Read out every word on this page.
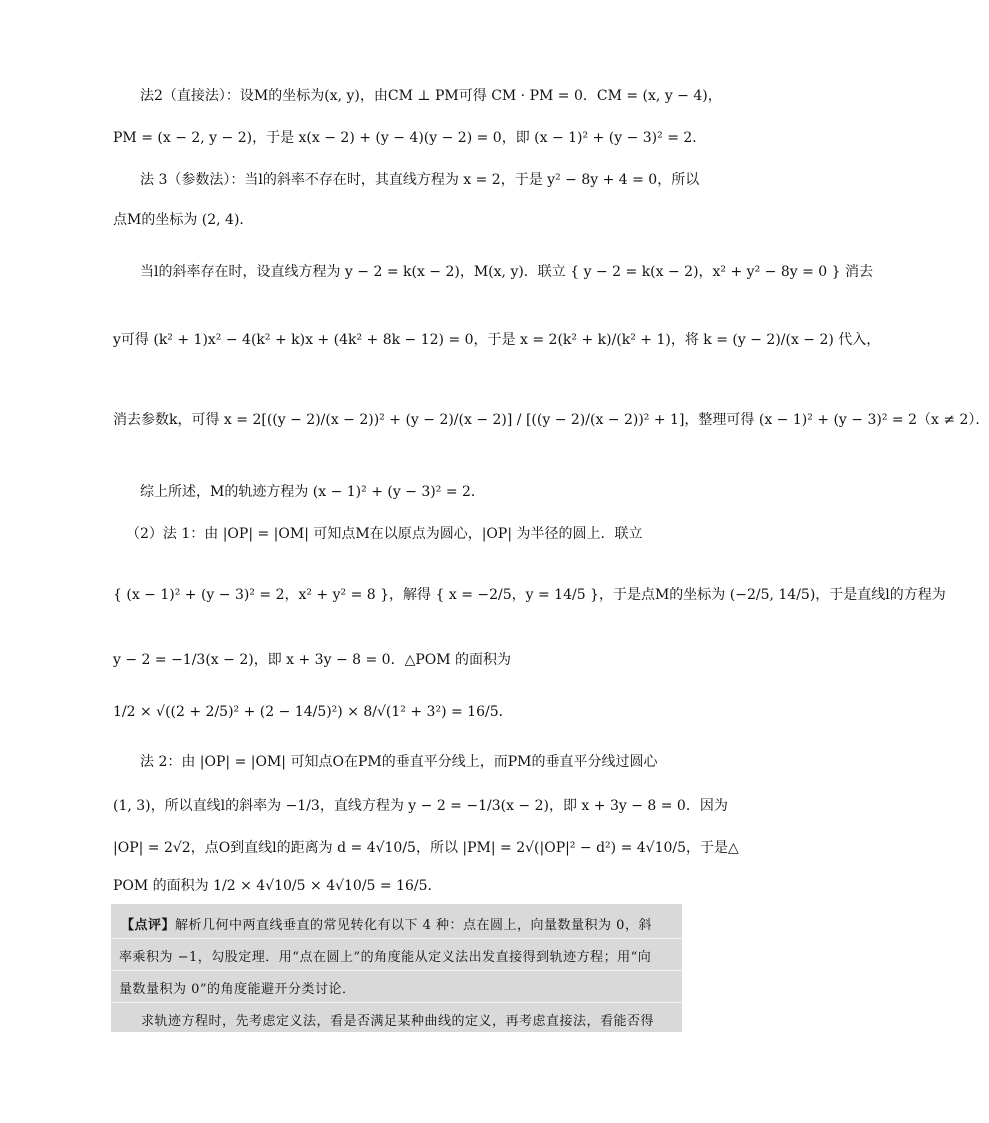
法2（直接法）：设M的坐标为(x, y)，由CM ⊥ PM可得 CM · PM = 0．CM = (x, y − 4)，
PM = (x − 2, y − 2)，于是 x(x − 2) + (y − 4)(y − 2) = 0，即 (x − 1)² + (y − 3)² = 2．
法 3（参数法）：当l的斜率不存在时，其直线方程为 x = 2，于是 y² − 8y + 4 = 0，所以
点M的坐标为 (2, 4)．
当l的斜率存在时，设直线方程为 y − 2 = k(x − 2)，M(x, y)．联立 { y − 2 = k(x − 2)，x² + y² − 8y = 0 } 消去
y可得 (k² + 1)x² − 4(k² + k)x + (4k² + 8k − 12) = 0，于是 x = 2(k² + k)/(k² + 1)，将 k = (y − 2)/(x − 2) 代入，
消去参数k，可得 x = 2[((y − 2)/(x − 2))² + (y − 2)/(x − 2)] / [((y − 2)/(x − 2))² + 1]，整理可得 (x − 1)² + (y − 3)² = 2（x ≠ 2）．
综上所述，M的轨迹方程为 (x − 1)² + (y − 3)² = 2．
（2）法 1：由 |OP| = |OM| 可知点M在以原点为圆心，|OP| 为半径的圆上．联立
{ (x − 1)² + (y − 3)² = 2，x² + y² = 8 }，解得 { x = −2/5，y = 14/5 }，于是点M的坐标为 (−2/5, 14/5)，于是直线l的方程为
y − 2 = −1/3(x − 2)，即 x + 3y − 8 = 0．△POM 的面积为
1/2 × √((2 + 2/5)² + (2 − 14/5)²) × 8/√(1² + 3²) = 16/5．
法 2：由 |OP| = |OM| 可知点O在PM的垂直平分线上，而PM的垂直平分线过圆心
(1, 3)，所以直线l的斜率为 −1/3，直线方程为 y − 2 = −1/3(x − 2)，即 x + 3y − 8 = 0．因为
|OP| = 2√2，点O到直线l的距离为 d = 4√10/5，所以 |PM| = 2√(|OP|² − d²) = 4√10/5，于是△
POM 的面积为 1/2 × 4√10/5 × 4√10/5 = 16/5．
【点评】解析几何中两直线垂直的常见转化有以下 4 种：点在圆上，向量数量积为 0，斜
率乘积为 −1，勾股定理．用“点在圆上”的角度能从定义法出发直接得到轨迹方程；用“向
量数量积为 0”的角度能避开分类讨论．
求轨迹方程时，先考虑定义法，看是否满足某种曲线的定义，再考虑直接法，看能否得
